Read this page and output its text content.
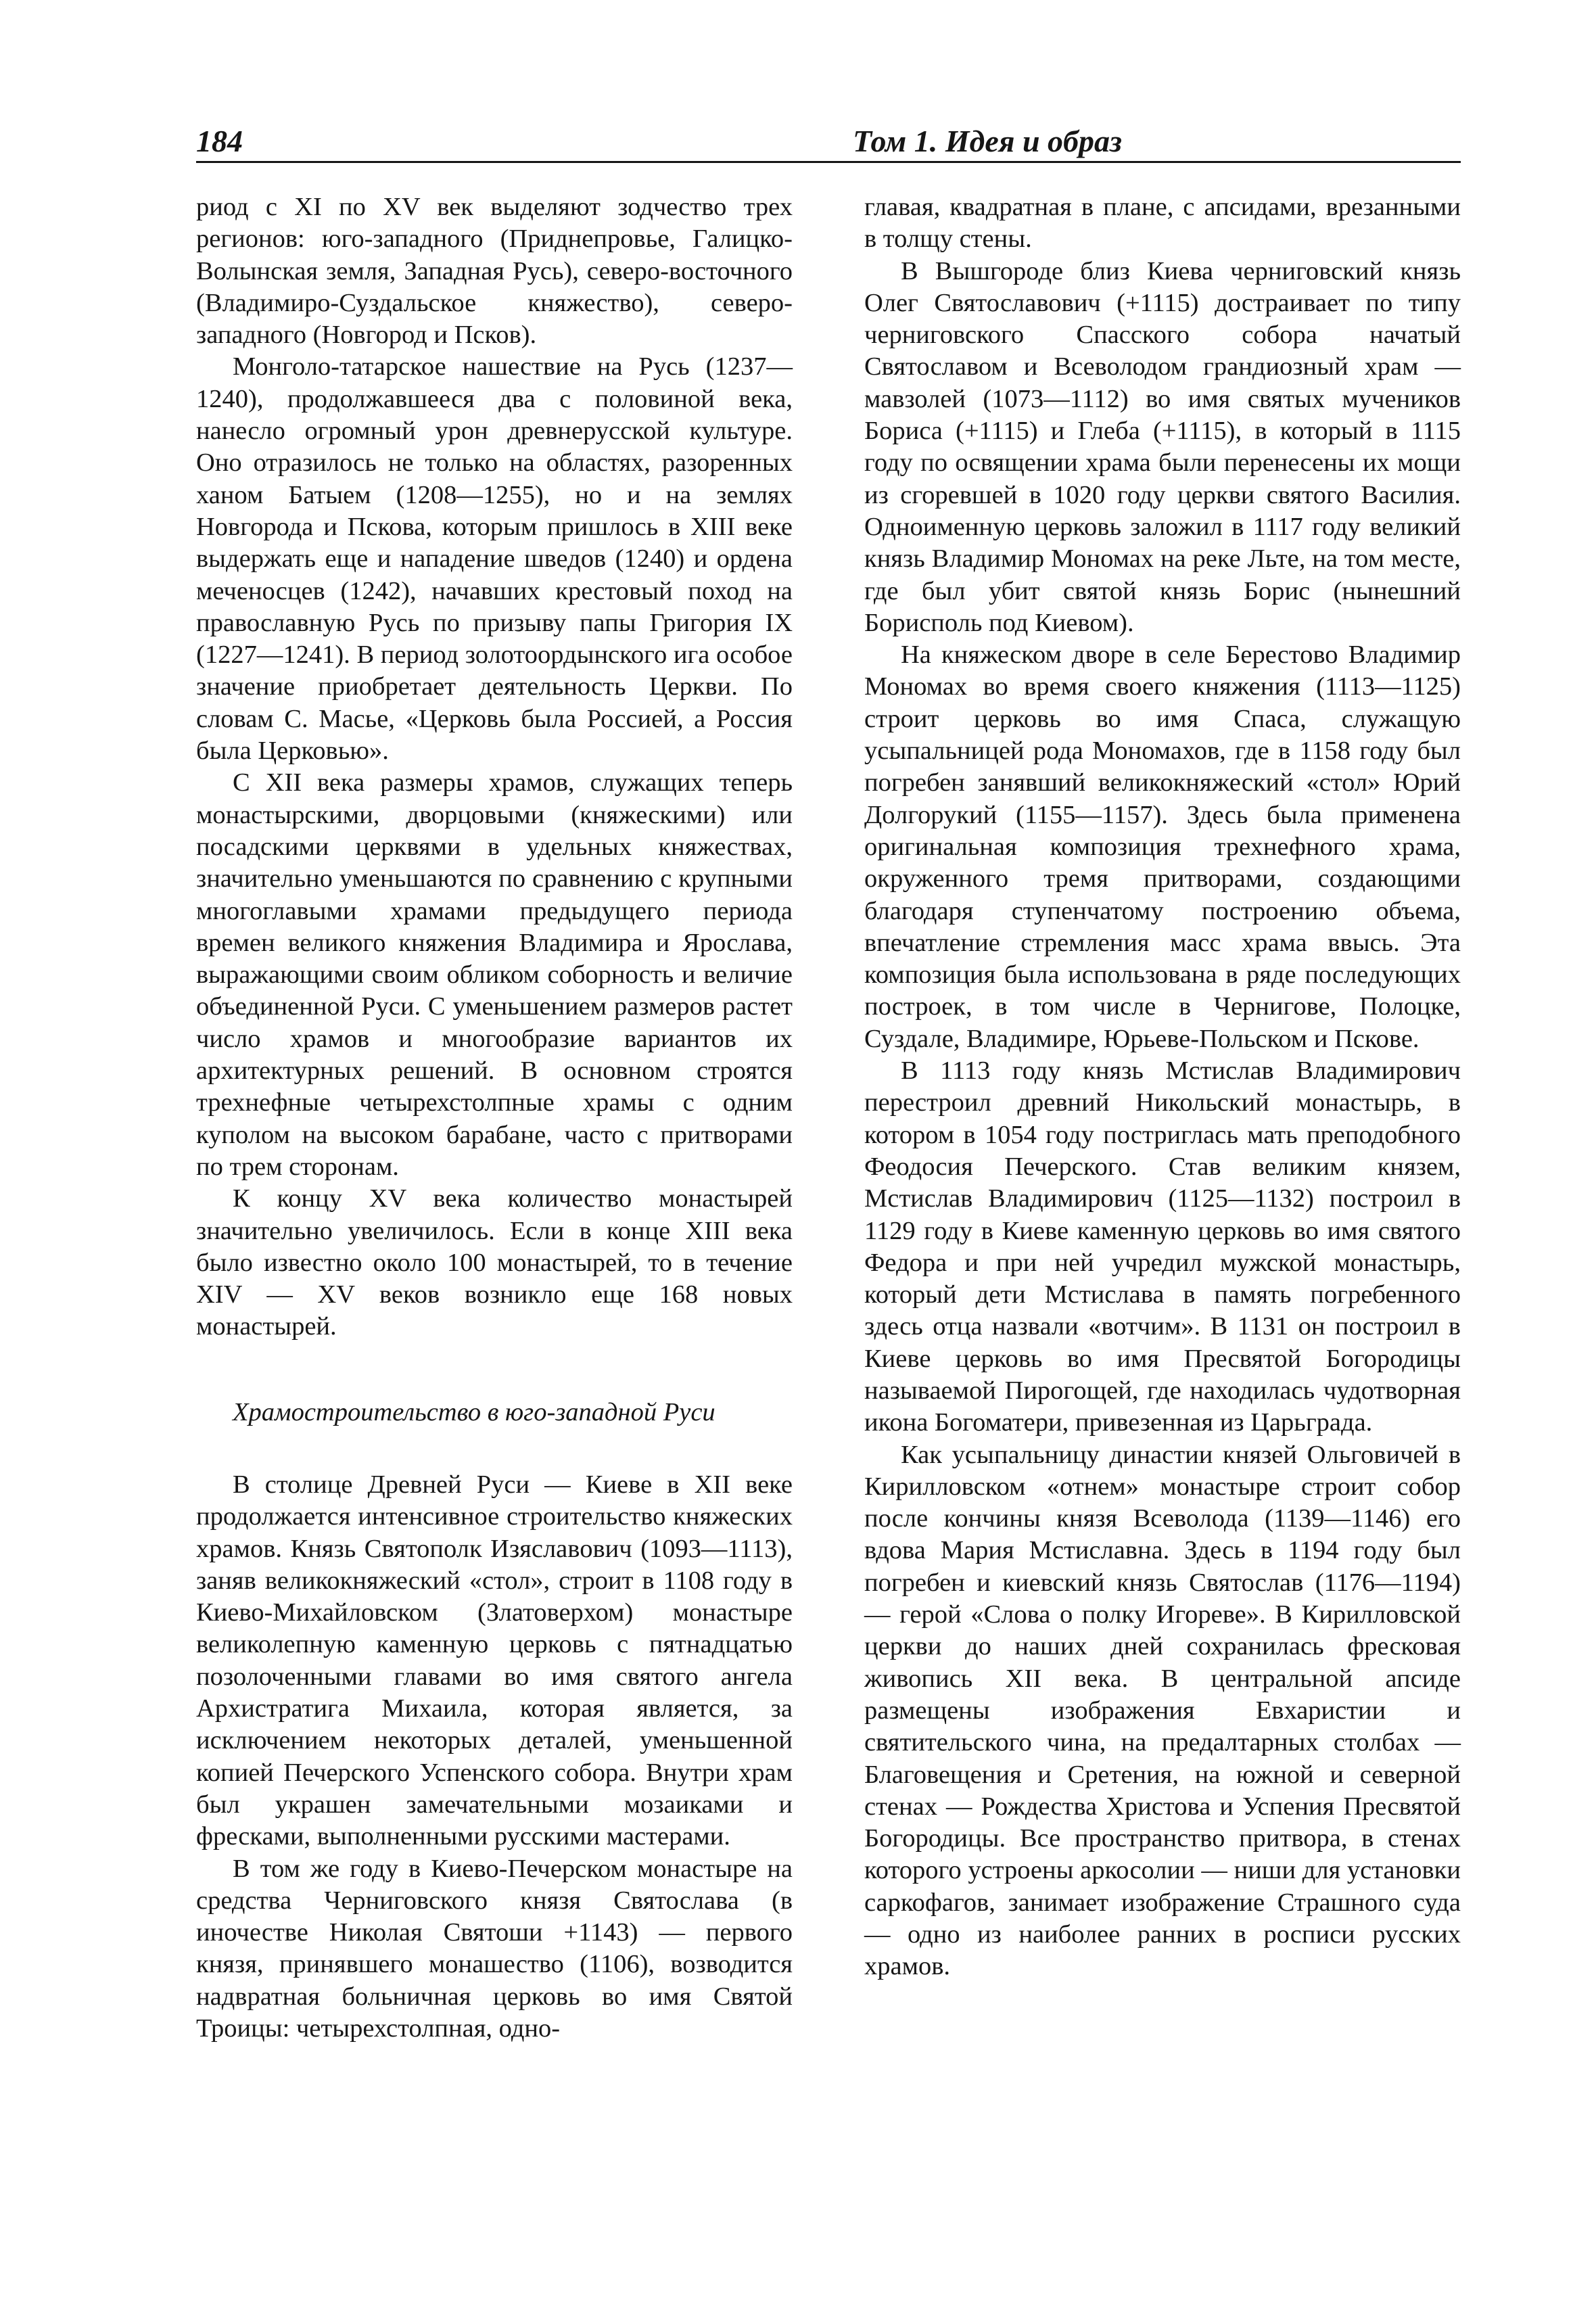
184	Том 1. Идея и образ

риод с XI по XV век выделяют зодчество трех регионов: юго-западного (Приднепровье, Галицко-Волынская земля, Западная Русь), северо-восточного (Владимиро-Суздальское княжество), северо-западного (Новгород и Псков).

Монголо-татарское нашествие на Русь (1237—1240), продолжавшееся два с половиной века, нанесло огромный урон древнерусской культуре. Оно отразилось не только на областях, разоренных ханом Батыем (1208—1255), но и на землях Новгорода и Пскова, которым пришлось в XIII веке выдержать еще и нападение шведов (1240) и ордена меченосцев (1242), начавших крестовый поход на православную Русь по призыву папы Григория IX (1227—1241). В период золотоордынского ига особое значение приобретает деятельность Церкви. По словам С. Масье, «Церковь была Россией, а Россия была Церковью».

С XII века размеры храмов, служащих теперь монастырскими, дворцовыми (княжескими) или посадскими церквями в удельных княжествах, значительно уменьшаются по сравнению с крупными многоглавыми храмами предыдущего периода времен великого княжения Владимира и Ярослава, выражающими своим обликом соборность и величие объединенной Руси. С уменьшением размеров растет число храмов и многообразие вариантов их архитектурных решений. В основном строятся трехнефные четырехстолпные храмы с одним куполом на высоком барабане, часто с притворами по трем сторонам.

К концу XV века количество монастырей значительно увеличилось. Если в конце XIII века было известно около 100 монастырей, то в течение XIV — XV веков возникло еще 168 новых монастырей.

Храмостроительство в юго-западной Руси

В столице Древней Руси — Киеве в XII веке продолжается интенсивное строительство княжеских храмов. Князь Святополк Изяславович (1093—1113), заняв великокняжеский «стол», строит в 1108 году в Киево-Михайловском (Златоверхом) монастыре великолепную каменную церковь с пятнадцатью позолоченными главами во имя святого ангела Архистратига Михаила, которая является, за исключением некоторых деталей, уменьшенной копией Печерского Успенского собора. Внутри храм был украшен замечательными мозаиками и фресками, выполненными русскими мастерами.

В том же году в Киево-Печерском монастыре на средства Черниговского князя Святослава (в иночестве Николая Святоши +1143) — первого князя, принявшего монашество (1106), возводится надвратная больничная церковь во имя Святой Троицы: четырехстолпная, одно-

главая, квадратная в плане, с апсидами, врезанными в толщу стены.

В Вышгороде близ Киева черниговский князь Олег Святославович (+1115) достраивает по типу черниговского Спасского собора начатый Святославом и Всеволодом грандиозный храм — мавзолей (1073—1112) во имя святых мучеников Бориса (+1115) и Глеба (+1115), в который в 1115 году по освящении храма были перенесены их мощи из сгоревшей в 1020 году церкви святого Василия. Одноименную церковь заложил в 1117 году великий князь Владимир Мономах на реке Льте, на том месте, где был убит святой князь Борис (нынешний Борисполь под Киевом).

На княжеском дворе в селе Берестово Владимир Мономах во время своего княжения (1113—1125) строит церковь во имя Спаса, служащую усыпальницей рода Мономахов, где в 1158 году был погребен занявший великокняжеский «стол» Юрий Долгорукий (1155—1157). Здесь была применена оригинальная композиция трехнефного храма, окруженного тремя притворами, создающими благодаря ступенчатому построению объема, впечатление стремления масс храма ввысь. Эта композиция была использована в ряде последующих построек, в том числе в Чернигове, Полоцке, Суздале, Владимире, Юрьеве-Польском и Пскове.

В 1113 году князь Мстислав Владимирович перестроил древний Никольский монастырь, в котором в 1054 году постриглась мать преподобного Феодосия Печерского. Став великим князем, Мстислав Владимирович (1125—1132) построил в 1129 году в Киеве каменную церковь во имя святого Федора и при ней учредил мужской монастырь, который дети Мстислава в память погребенного здесь отца назвали «вотчим». В 1131 он построил в Киеве церковь во имя Пресвятой Богородицы называемой Пирогощей, где находилась чудотворная икона Богоматери, привезенная из Царьграда.

Как усыпальницу династии князей Ольговичей в Кирилловском «отнем» монастыре строит собор после кончины князя Всеволода (1139—1146) его вдова Мария Мстиславна. Здесь в 1194 году был погребен и киевский князь Святослав (1176—1194) — герой «Слова о полку Игореве». В Кирилловской церкви до наших дней сохранилась фресковая живопись XII века. В центральной апсиде размещены изображения Евхаристии и святительского чина, на предалтарных столбах — Благовещения и Сретения, на южной и северной стенах — Рождества Христова и Успения Пресвятой Богородицы. Все пространство притвора, в стенах которого устроены аркосолии — ниши для установки саркофагов, занимает изображение Страшного суда — одно из наиболее ранних в росписи русских храмов.
